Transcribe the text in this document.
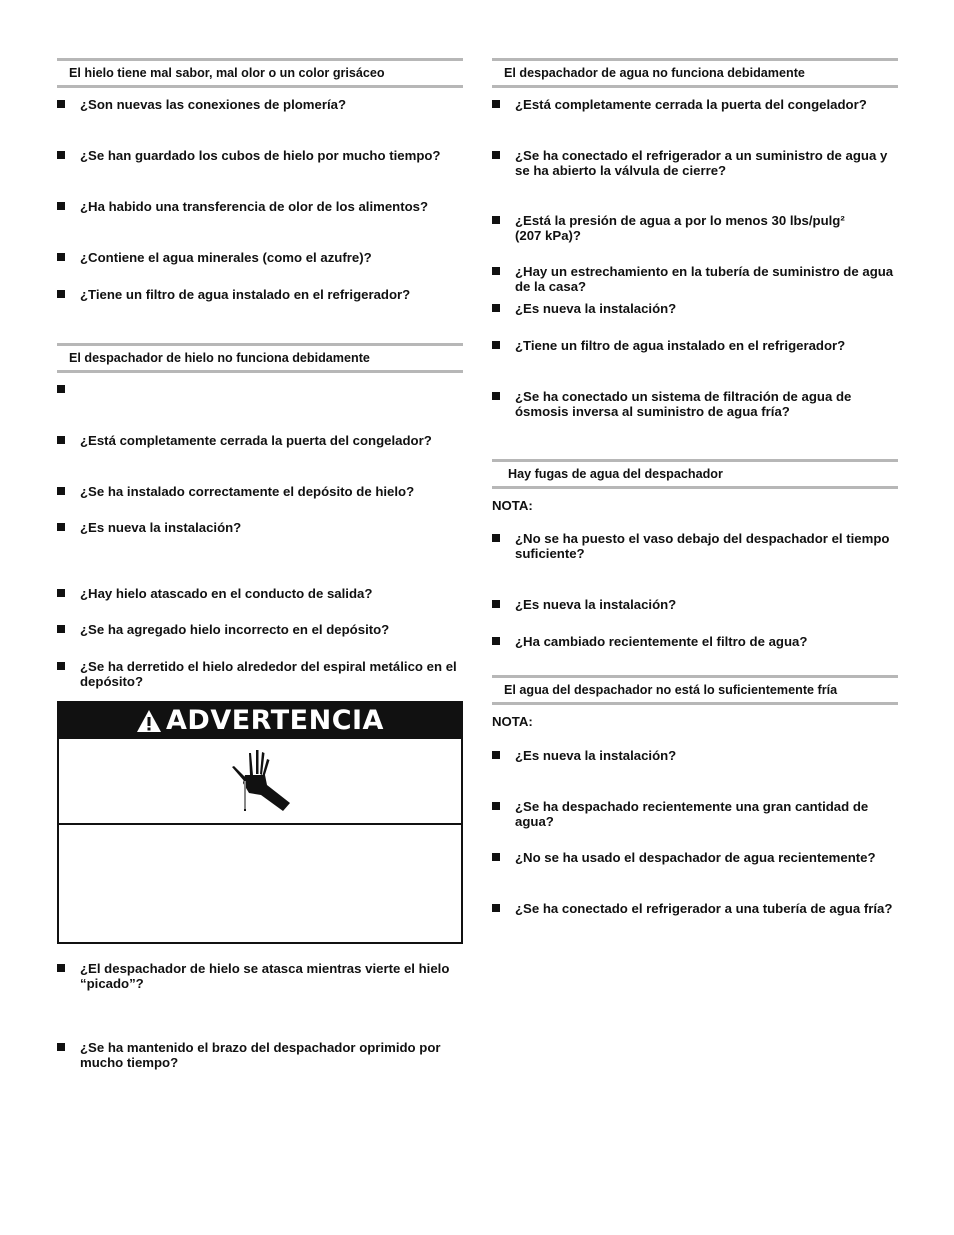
El hielo tiene mal sabor, mal olor o un color grisáceo
¿Son nuevas las conexiones de plomería?
¿Se han guardado los cubos de hielo por mucho tiempo?
¿Ha habido una transferencia de olor de los alimentos?
¿Contiene el agua minerales (como el azufre)?
¿Tiene un filtro de agua instalado en el refrigerador?
El despachador de hielo no funciona debidamente
¿Está completamente cerrada la puerta del congelador?
¿Se ha instalado correctamente el depósito de hielo?
¿Es nueva la instalación?
¿Hay hielo atascado en el conducto de salida?
¿Se ha agregado hielo incorrecto en el depósito?
¿Se ha derretido el hielo alrededor del espiral metálico en el depósito?
ADVERTENCIA
¿El despachador de hielo se atasca mientras vierte el hielo “picado”?
¿Se ha mantenido el brazo del despachador oprimido por mucho tiempo?
El despachador de agua no funciona debidamente
¿Está completamente cerrada la puerta del congelador?
¿Se ha conectado el refrigerador a un suministro de agua y se ha abierto la válvula de cierre?
¿Está la presión de agua a por lo menos 30 lbs/pulg² (207 kPa)?
¿Hay un estrechamiento en la tubería de suministro de agua de la casa?
¿Es nueva la instalación?
¿Tiene un filtro de agua instalado en el refrigerador?
¿Se ha conectado un sistema de filtración de agua de ósmosis inversa al suministro de agua fría?
Hay fugas de agua del despachador
NOTA:
¿No se ha puesto el vaso debajo del despachador el tiempo suficiente?
¿Es nueva la instalación?
¿Ha cambiado recientemente el filtro de agua?
El agua del despachador no está lo suficientemente fría
NOTA:
¿Es nueva la instalación?
¿Se ha despachado recientemente una gran cantidad de agua?
¿No se ha usado el despachador de agua recientemente?
¿Se ha conectado el refrigerador a una tubería de agua fría?
